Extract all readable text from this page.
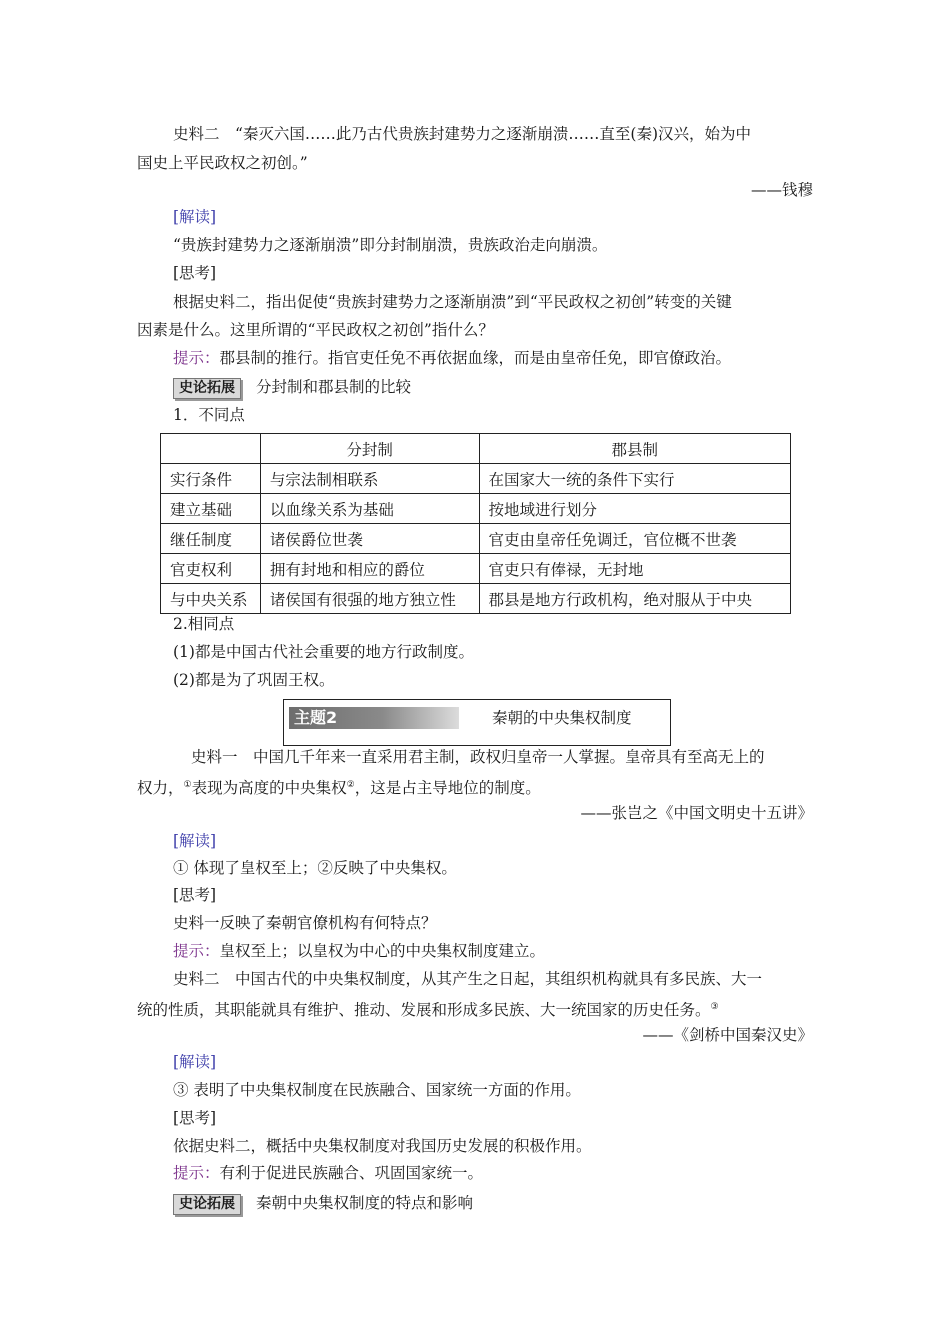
史料二　“秦灭六国……此乃古代贵族封建势力之逐渐崩溃……直至(秦)汉兴，始为中
国史上平民政权之初创。”
——钱穆
[解读]
“贵族封建势力之逐渐崩溃”即分封制崩溃，贵族政治走向崩溃。
[思考]
根据史料二，指出促使“贵族封建势力之逐渐崩溃”到“平民政权之初创”转变的关键
因素是什么。这里所谓的“平民政权之初创”指什么？
提示：郡县制的推行。指官吏任免不再依据血缘，而是由皇帝任免，即官僚政治。
史论拓展 分封制和郡县制的比较
1．不同点
	分封制	郡县制
实行条件	与宗法制相联系	在国家大一统的条件下实行
建立基础	以血缘关系为基础	按地域进行划分
继任制度	诸侯爵位世袭	官吏由皇帝任免调迁，官位概不世袭
官吏权利	拥有封地和相应的爵位	官吏只有俸禄，无封地
与中央关系	诸侯国有很强的地方独立性	郡县是地方行政机构，绝对服从于中央
2.相同点
(1)都是中国古代社会重要的地方行政制度。
(2)都是为了巩固王权。
主题2	秦朝的中央集权制度
史料一　中国几千年来一直采用君主制，政权归皇帝一人掌握。皇帝具有至高无上的
权力，①表现为高度的中央集权②，这是占主导地位的制度。
——张岂之《中国文明史十五讲》
[解读]
① 体现了皇权至上；②反映了中央集权。
[思考]
史料一反映了秦朝官僚机构有何特点？
提示：皇权至上；以皇权为中心的中央集权制度建立。
史料二　中国古代的中央集权制度，从其产生之日起，其组织机构就具有多民族、大一
统的性质，其职能就具有维护、推动、发展和形成多民族、大一统国家的历史任务。③
——《剑桥中国秦汉史》
[解读]
③ 表明了中央集权制度在民族融合、国家统一方面的作用。
[思考]
依据史料二，概括中央集权制度对我国历史发展的积极作用。
提示：有利于促进民族融合、巩固国家统一。
史论拓展 秦朝中央集权制度的特点和影响
